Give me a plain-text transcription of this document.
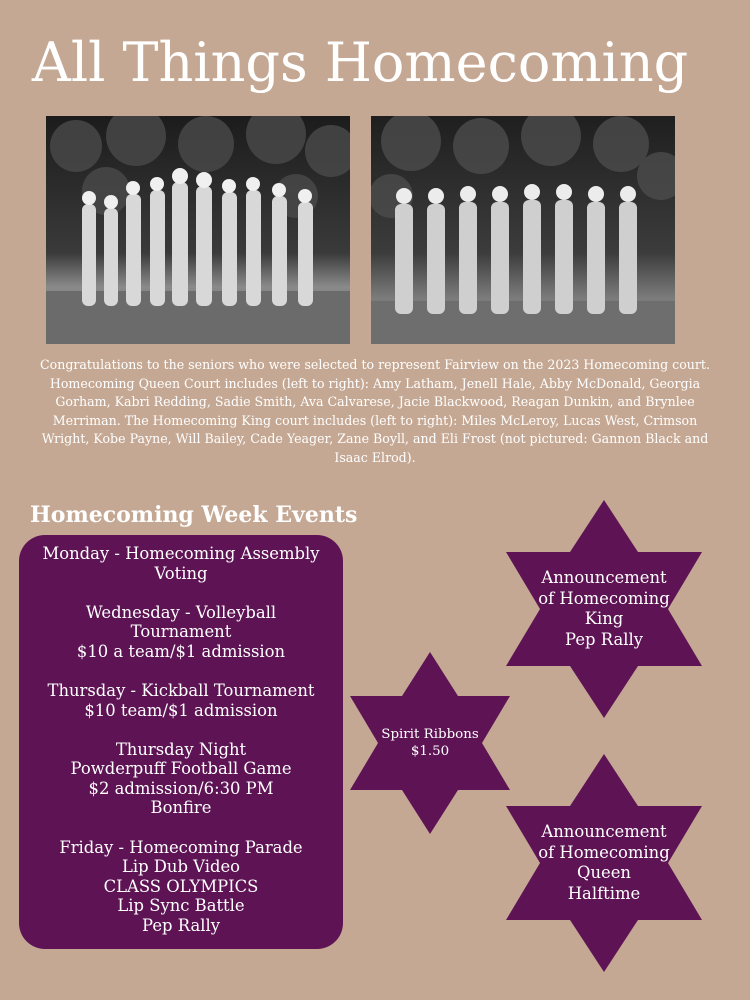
All Things Homecoming

Congratulations to the seniors who were selected to represent Fairview on the 2023 Homecoming court. Homecoming Queen Court includes (left to right): Amy Latham, Jenell Hale, Abby McDonald, Georgia Gorham, Kabri Redding, Sadie Smith, Ava Calvarese, Jacie Blackwood, Reagan Dunkin, and Brynlee Merriman. The Homecoming King court includes (left to right): Miles McLeroy, Lucas West, Crimson Wright, Kobe Payne, Will Bailey, Cade Yeager, Zane Boyll, and Eli Frost (not pictured: Gannon Black and Isaac Elrod).

Homecoming Week Events
Monday - Homecoming Assembly
Voting
Wednesday - Volleyball
Tournament
$10 a team/$1 admission
Thursday - Kickball Tournament
$10 team/$1 admission
Thursday Night
Powderpuff Football Game
$2 admission/6:30 PM
Bonfire
Friday - Homecoming Parade
Lip Dub Video
CLASS OLYMPICS
Lip Sync Battle
Pep Rally
Announcement
of Homecoming
King
Pep Rally
Spirit Ribbons
$1.50
Announcement
of Homecoming
Queen
Halftime
